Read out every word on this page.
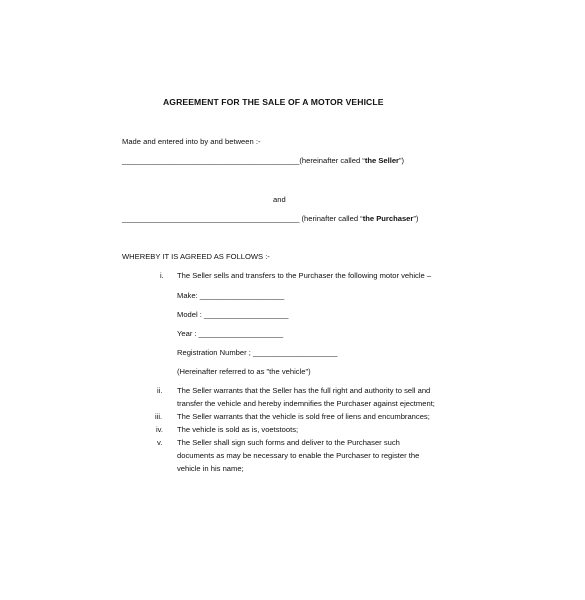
AGREEMENT FOR THE SALE OF A MOTOR VEHICLE
Made and entered into by and between :-
__________________________________________(hereinafter called “the Seller”)
and
__________________________________________ (herinafter called “the Purchaser”)
WHEREBY IT IS AGREED AS FOLLOWS :-
i. The Seller sells and transfers to the Purchaser the following motor vehicle –
Make: ____________________
Model : ____________________
Year : ____________________
Registration Number ; ____________________
(Hereinafter referred to as "the vehicle")
ii. The Seller warrants that the Seller has the full right and authority to sell and
transfer the vehicle and hereby indemnifies the Purchaser against ejectment;
iii. The Seller warrants that the vehicle is sold free of liens and encumbrances;
iv. The vehicle is sold as is, voetstoots;
v. The Seller shall sign such forms and deliver to the Purchaser such
documents as may be necessary to enable the Purchaser to register the
vehicle in his name;
